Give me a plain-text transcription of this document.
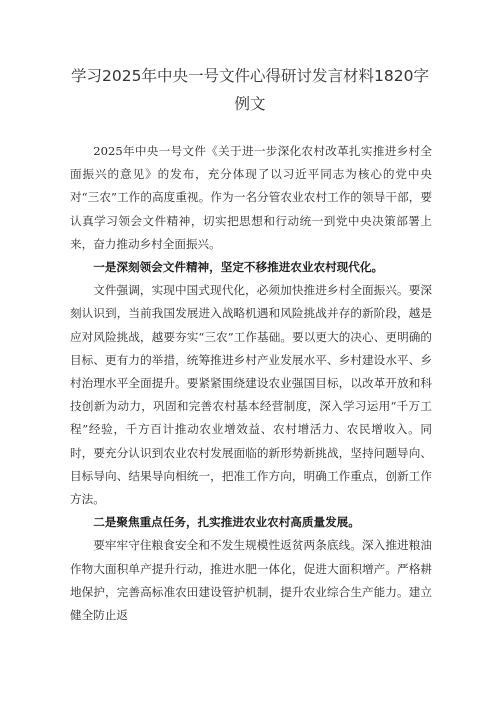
学习2025年中央一号文件心得研讨发言材料1820字例文

2025年中央一号文件《关于进一步深化农村改革扎实推进乡村全面振兴的意见》的发布，充分体现了以习近平同志为核心的党中央对“三农”工作的高度重视。作为一名分管农业农村工作的领导干部，要认真学习领会文件精神，切实把思想和行动统一到党中央决策部署上来，奋力推动乡村全面振兴。

一是深刻领会文件精神，坚定不移推进农业农村现代化。

文件强调，实现中国式现代化，必须加快推进乡村全面振兴。要深刻认识到，当前我国发展进入战略机遇和风险挑战并存的新阶段，越是应对风险挑战，越要夯实“三农”工作基础。要以更大的决心、更明确的目标、更有力的举措，统筹推进乡村产业发展水平、乡村建设水平、乡村治理水平全面提升。要紧紧围绕建设农业强国目标，以改革开放和科技创新为动力，巩固和完善农村基本经营制度，深入学习运用“千万工程”经验，千方百计推动农业增效益、农村增活力、农民增收入。同时，要充分认识到农业农村发展面临的新形势新挑战，坚持问题导向、目标导向、结果导向相统一，把准工作方向，明确工作重点，创新工作方法。

二是聚焦重点任务，扎实推进农业农村高质量发展。

要牢牢守住粮食安全和不发生规模性返贫两条底线。深入推进粮油作物大面积单产提升行动，推进水肥一体化，促进大面积增产。严格耕地保护，完善高标准农田建设管护机制，提升农业综合生产能力。建立健全防止返
